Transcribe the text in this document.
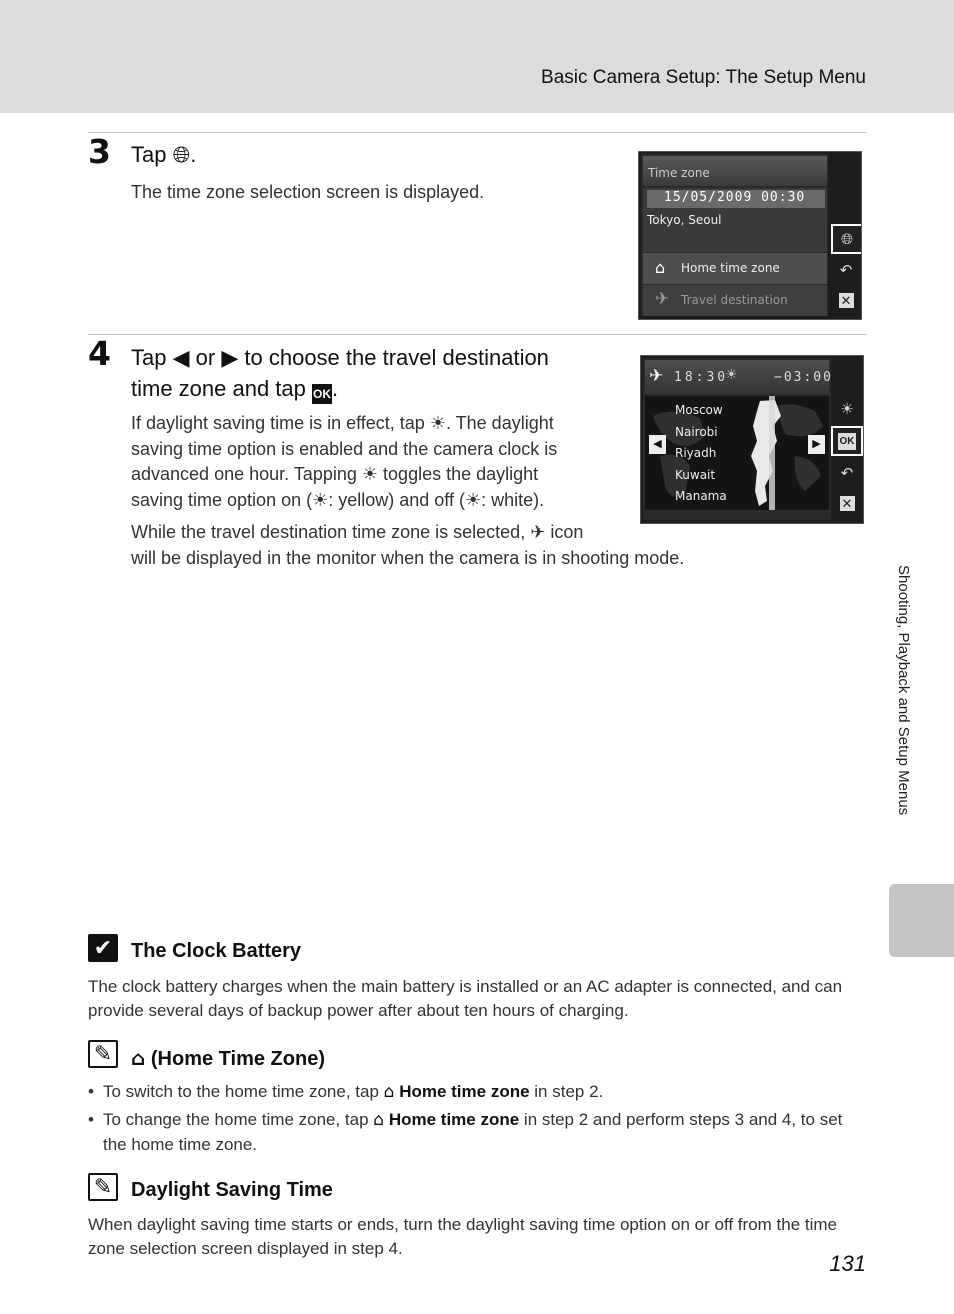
Basic Camera Setup: The Setup Menu
3 Tap 🌐︎.
The time zone selection screen is displayed.
Time zone
15/05/2009 00:30
Tokyo, Seoul
⌂ Home time zone
✈ Travel destination
🌐︎
↶
✕
4 Tap ◀ or ▶ to choose the travel destination
time zone and tap OK.
If daylight saving time is in effect, tap ☀. The daylight saving time option is enabled and the camera clock is advanced one hour. Tapping ☀ toggles the daylight saving time option on (☀: yellow) and off (☀: white).
While the travel destination time zone is selected, ✈ icon
will be displayed in the monitor when the camera is in shooting mode.
✈ 18:30
☀	−03:00
Moscow
Nairobi
Riyadh
Kuwait
Manama
◀	▶
☀
OK
↶
✕
Shooting, Playback and Setup Menus
✔ The Clock Battery
The clock battery charges when the main battery is installed or an AC adapter is connected, and can provide several days of backup power after about ten hours of charging.
✎ ⌂ (Home Time Zone)
• To switch to the home time zone, tap ⌂ Home time zone in step 2.
• To change the home time zone, tap ⌂ Home time zone in step 2 and perform steps 3 and 4, to set the home time zone.
✎ Daylight Saving Time
When daylight saving time starts or ends, turn the daylight saving time option on or off from the time zone selection screen displayed in step 4.
131
